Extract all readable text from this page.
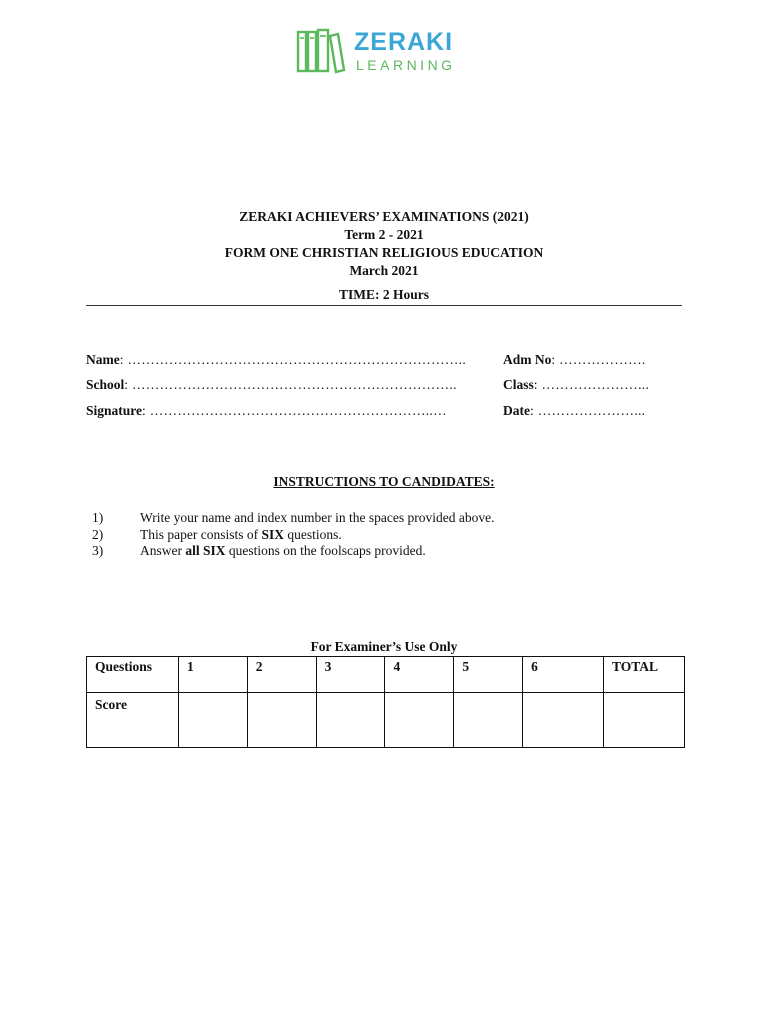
ZERAKI
LEARNING
ZERAKI ACHIEVERS’ EXAMINATIONS (2021)
Term 2 - 2021
FORM ONE CHRISTIAN RELIGIOUS EDUCATION
March 2021
TIME: 2 Hours
Name: ………………………………………………………………..	Adm No: ……………….
School: ……………………………………………………………..	Class: …………………...
Signature: ……………………………………………………..…	Date: …………………...
INSTRUCTIONS TO CANDIDATES:
1)	Write your name and index number in the spaces provided above.
2)	This paper consists of SIX questions.
3)	Answer all SIX questions on the foolscaps provided.
For Examiner’s Use Only
Questions	1	2	3	4	5	6	TOTAL
Score							
